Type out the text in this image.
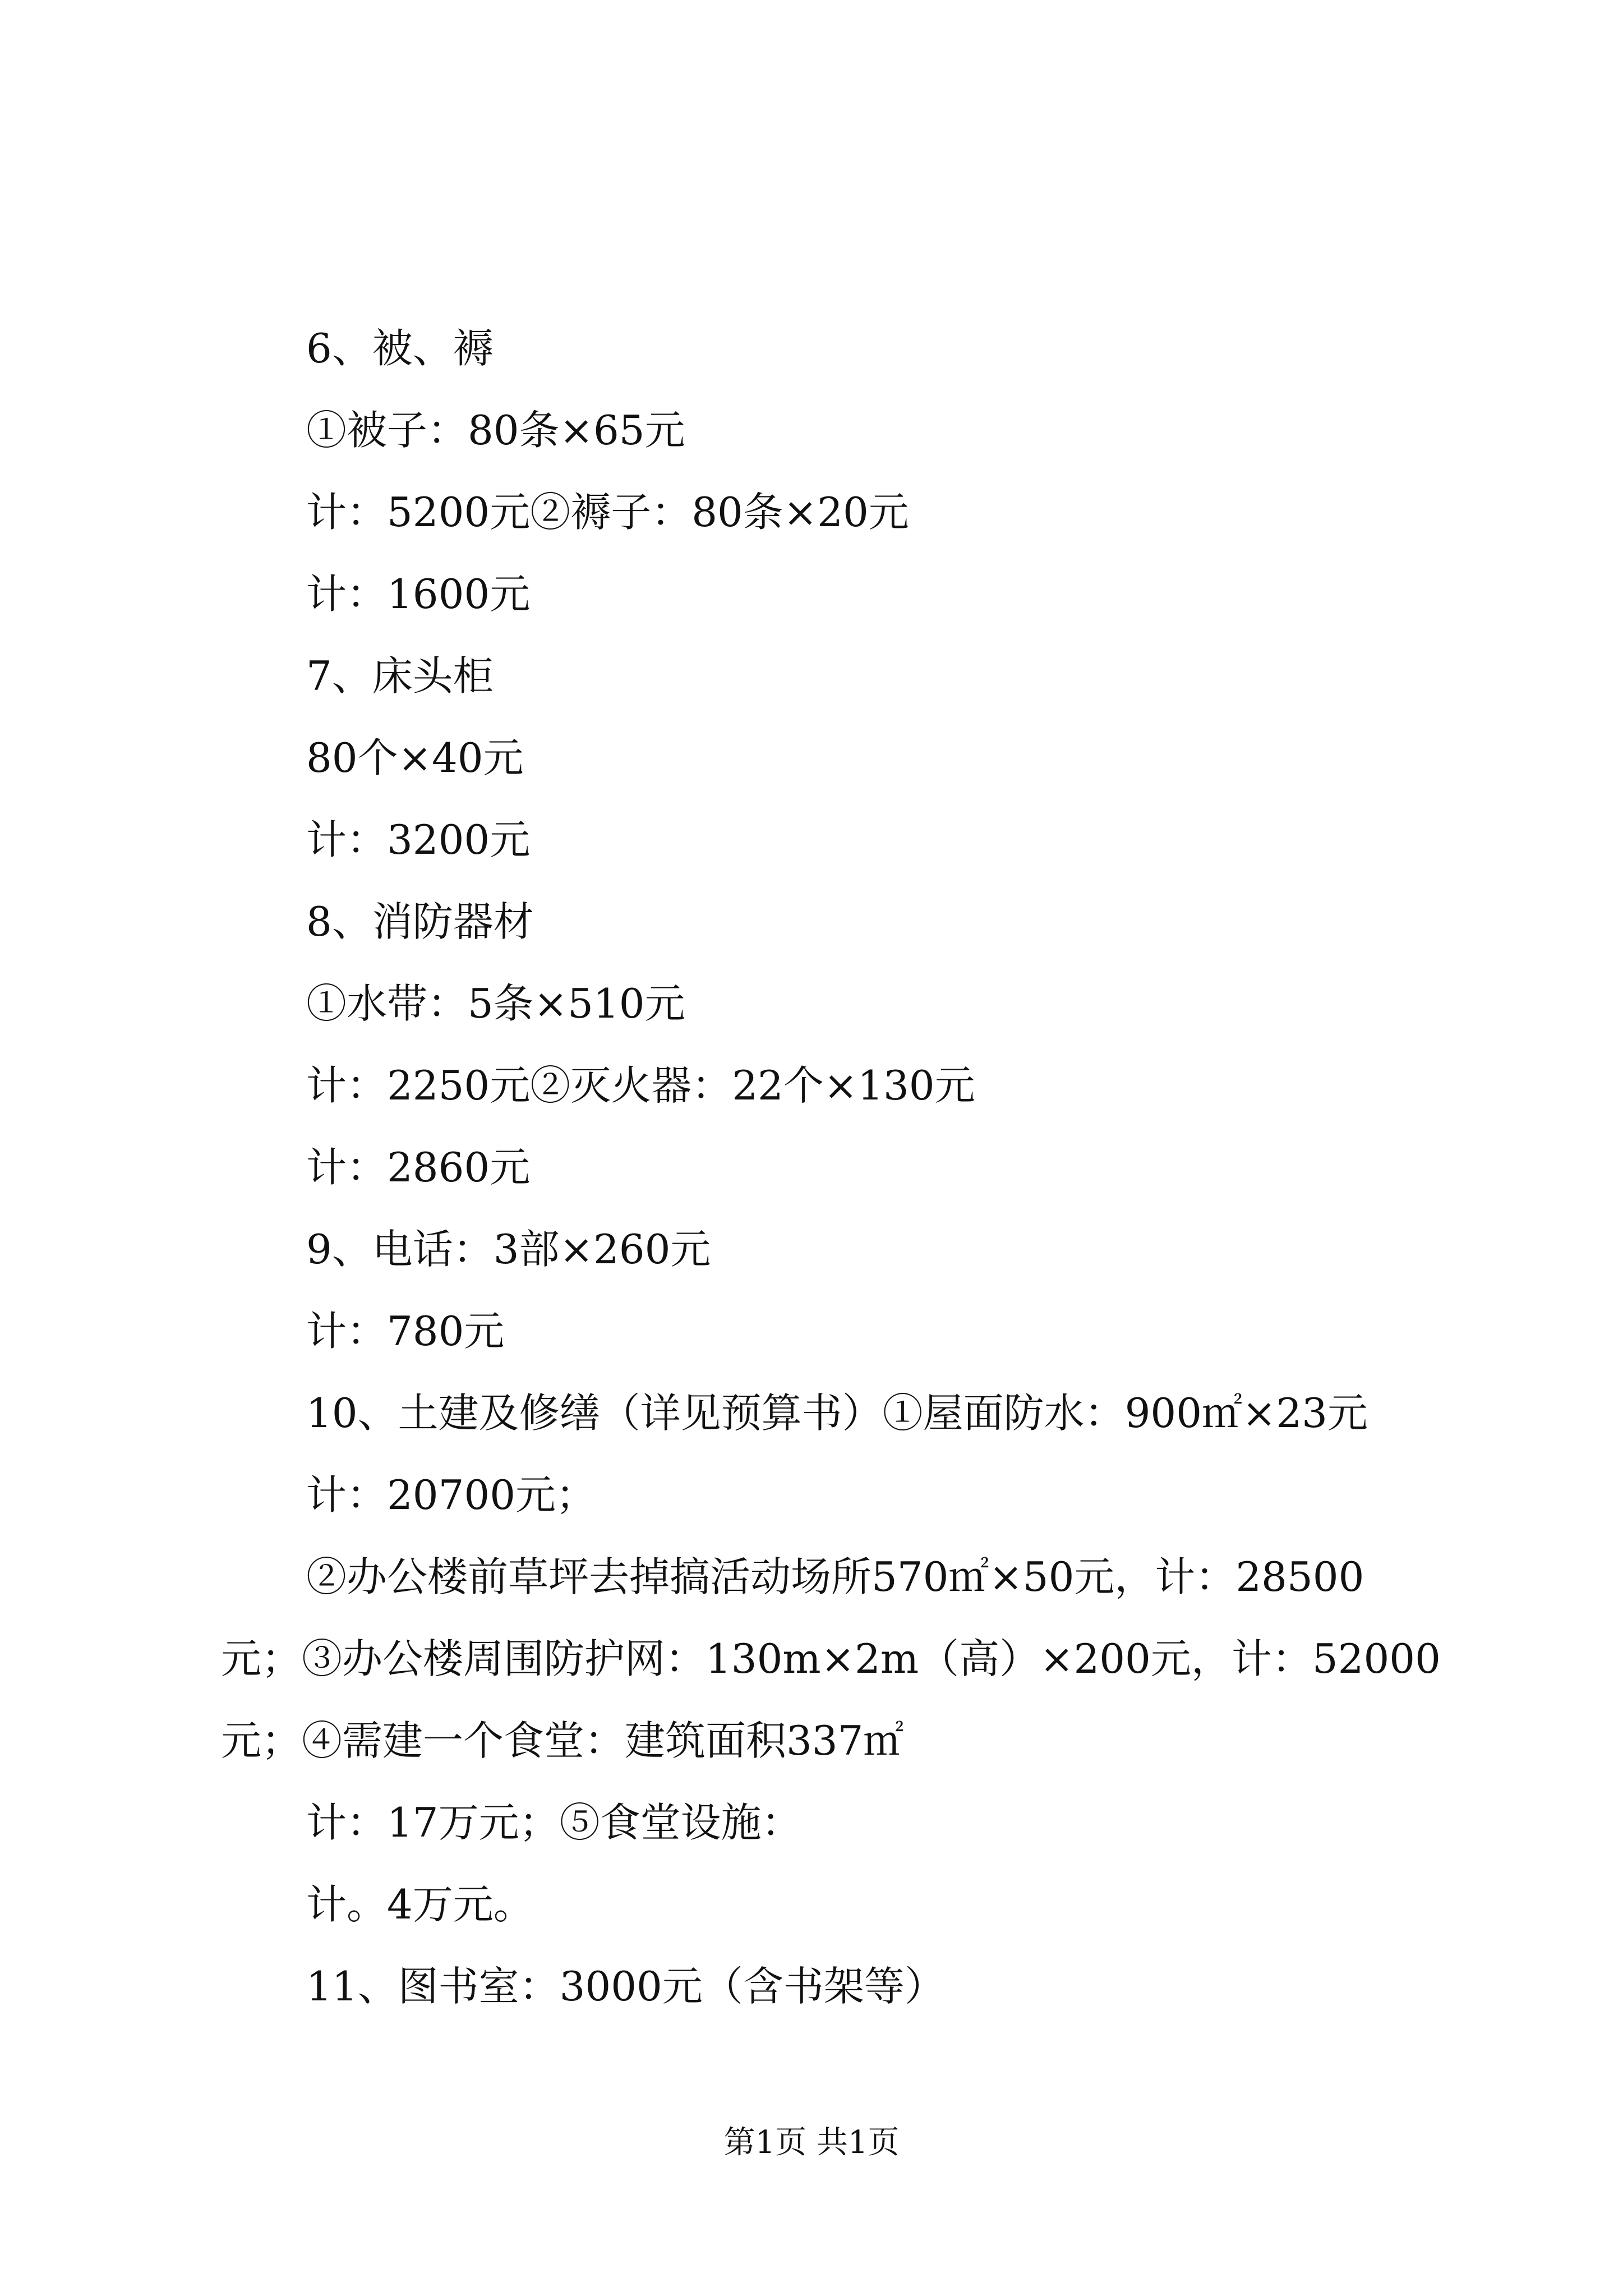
6、被、褥
①被子：80条×65元
计：5200元②褥子：80条×20元
计：1600元
7、床头柜
80个×40元
计：3200元
8、消防器材
①水带：5条×510元
计：2250元②灭火器：22个×130元
计：2860元
9、电话：3部×260元
计：780元
10、土建及修缮（详见预算书）①屋面防水：900㎡×23元
计：20700元；
②办公楼前草坪去掉搞活动场所570㎡×50元，计：28500
元；③办公楼周围防护网：130m×2m（高）×200元，计：52000
元；④需建一个食堂：建筑面积337㎡
计：17万元；⑤食堂设施：
计。4万元。
11、图书室：3000元（含书架等）
第1页 共1页
